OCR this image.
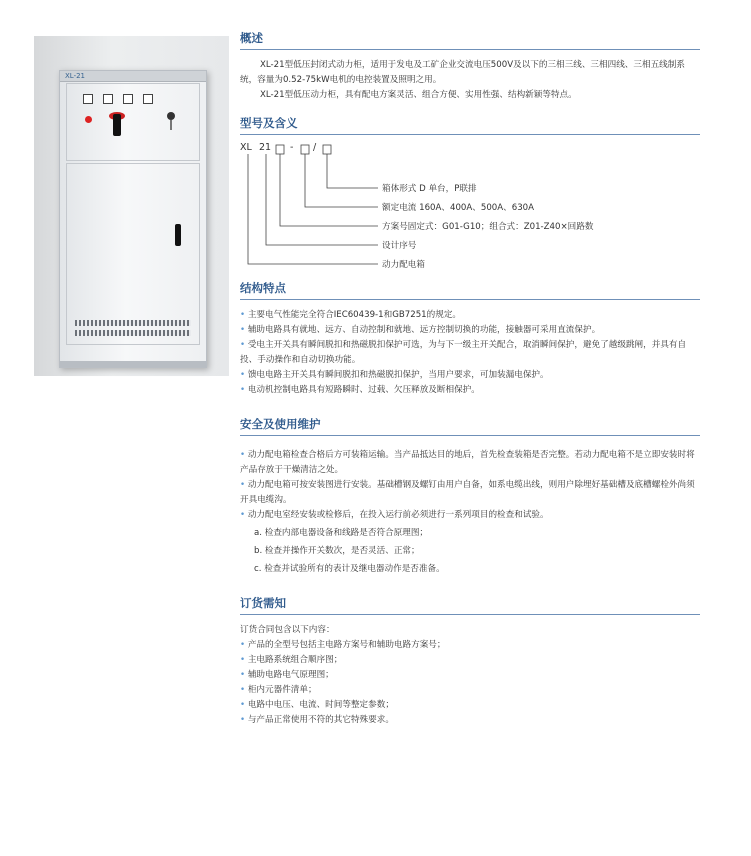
XL-21
概述

XL-21型低压封闭式动力柜，适用于发电及工矿企业交流电压500V及以下的三相三线、三相四线、三相五线制系统，容量为0.52-75kW电机的电控装置及照明之用。

XL-21型低压动力柜，具有配电方案灵活、组合方便、实用性强、结构新颖等特点。

型号及含义
XL 21 - /
箱体形式 D 单台，P联排
额定电流 160A、400A、500A、630A
方案号固定式：G01-G10；组合式：Z01-Z40×回路数
设计序号
动力配电箱
结构特点

• 主要电气性能完全符合IEC60439-1和GB7251的规定。

• 辅助电路具有就地、远方、自动控制和就地、远方控制切换的功能，接触器可采用直流保护。

• 受电主开关具有瞬间脱扣和热磁脱扣保护可选，为与下一级主开关配合，取消瞬间保护，避免了越级跳闸，并具有自投、手动操作和自动切换功能。

• 馈电电路主开关具有瞬间脱扣和热磁脱扣保护，当用户要求，可加装漏电保护。

• 电动机控制电路具有短路瞬时、过载、欠压释放及断相保护。

安全及使用维护

• 动力配电箱检查合格后方可装箱运输。当产品抵达目的地后，首先检查装箱是否完整。若动力配电箱不是立即安装时将产品存放于干燥清洁之处。

• 动力配电箱可按安装图进行安装。基础槽钢及螺钉由用户自备，如系电缆出线，则用户除埋好基础槽及底槽螺栓外尚须开具电缆沟。

• 动力配电室经安装或检修后，在投入运行前必须进行一系列项目的检查和试验。

a. 检查内部电器设备和线路是否符合原理图；

b. 检查并操作开关数次，是否灵活、正常；

c. 检查并试验所有的表计及继电器动作是否准备。

订货需知

订货合同包含以下内容：

• 产品的全型号包括主电路方案号和辅助电路方案号；

• 主电路系统组合顺序图；

• 辅助电路电气原理图；

• 柜内元器件清单；

• 电路中电压、电流、时间等整定参数；

• 与产品正常使用不符的其它特殊要求。
